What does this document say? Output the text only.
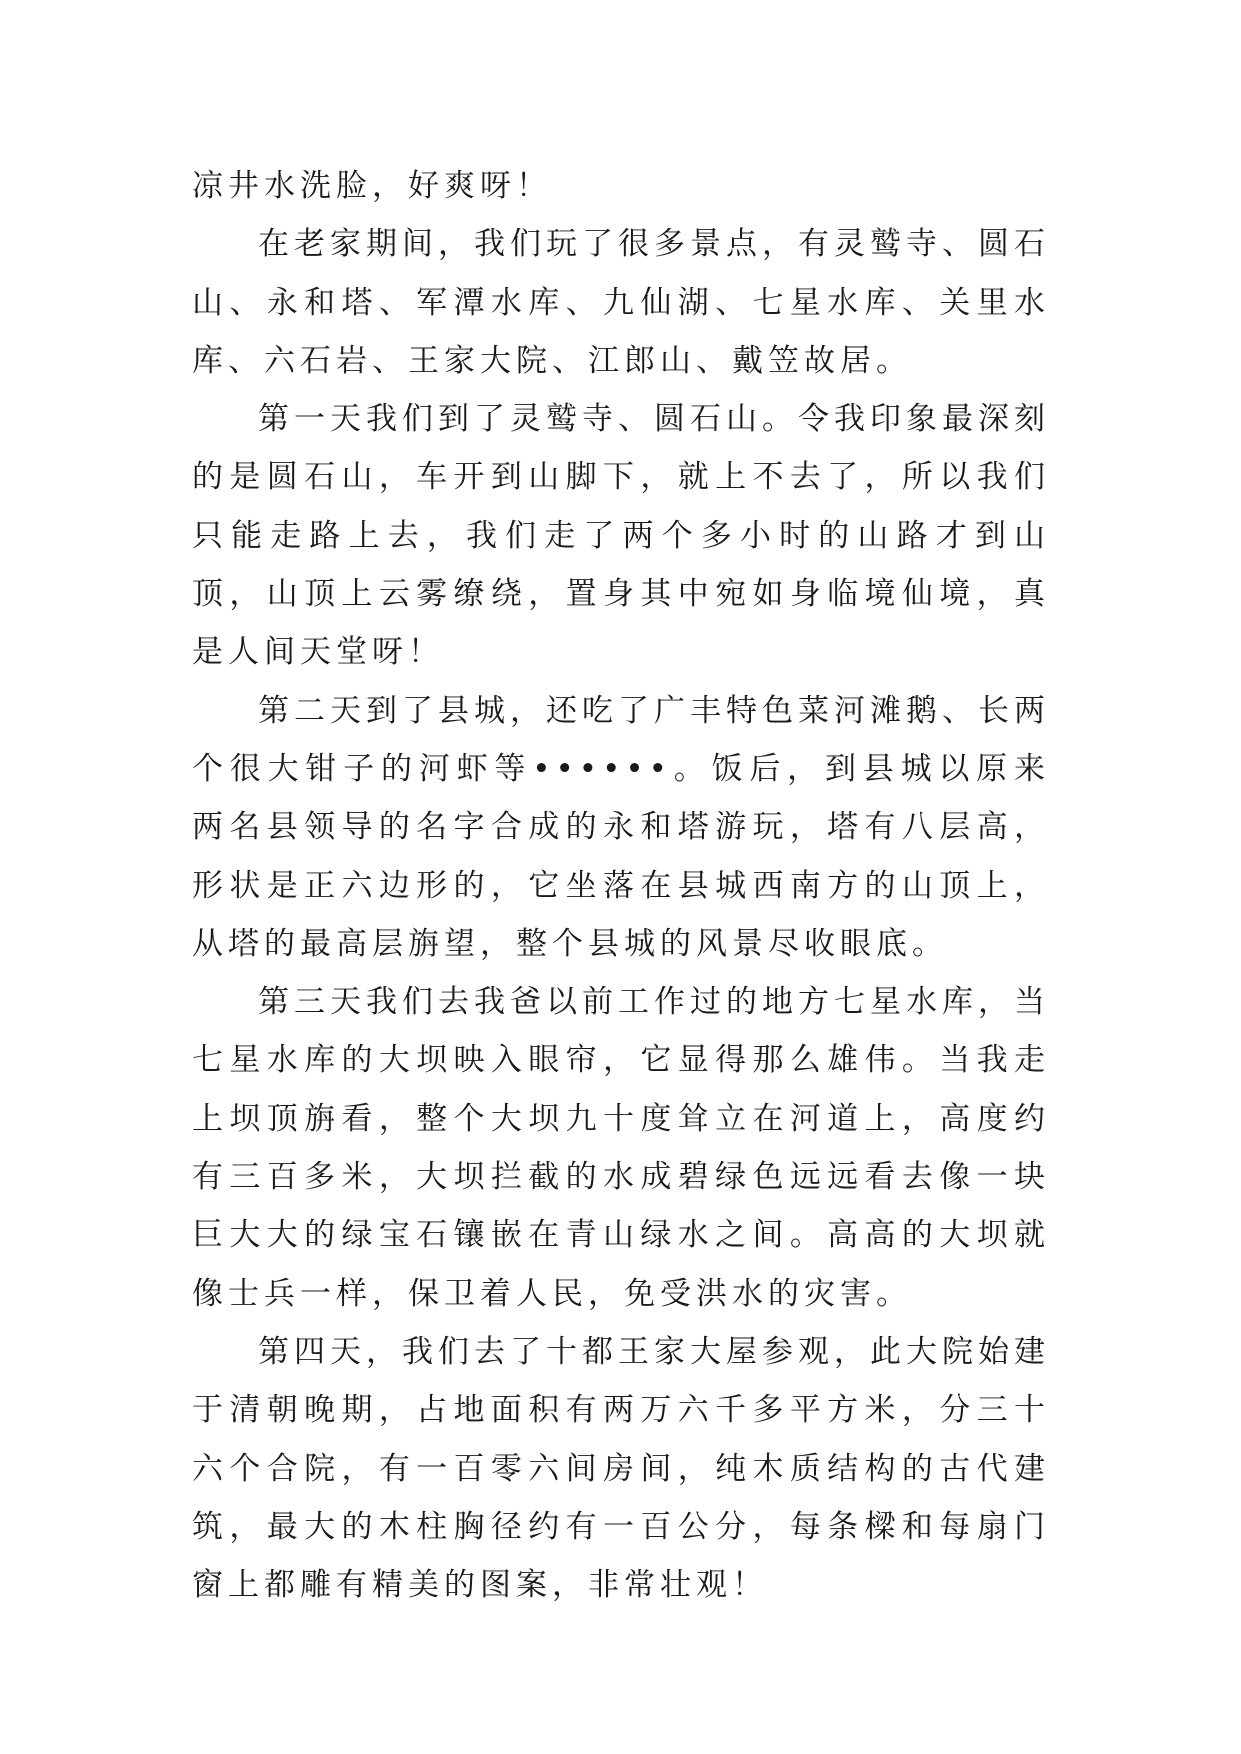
凉井水洗脸，好爽呀！

在老家期间，我们玩了很多景点，有灵鹫寺、圆石山、永和塔、军潭水库、九仙湖、七星水库、关里水库、六石岩、王家大院、江郎山、戴笠故居。

第一天我们到了灵鹫寺、圆石山。令我印象最深刻的是圆石山，车开到山脚下，就上不去了，所以我们只能走路上去，我们走了两个多小时的山路才到山顶，山顶上云雾缭绕，置身其中宛如身临境仙境，真是人间天堂呀！

第二天到了县城，还吃了广丰特色菜河滩鹅、长两个很大钳子的河虾等••••••。饭后，到县城以原来两名县领导的名字合成的永和塔游玩，塔有八层高，形状是正六边形的，它坐落在县城西南方的山顶上，从塔的最高层旃望，整个县城的风景尽收眼底。

第三天我们去我爸以前工作过的地方七星水库，当七星水库的大坝映入眼帘，它显得那么雄伟。当我走上坝顶旃看，整个大坝九十度耸立在河道上，高度约有三百多米，大坝拦截的水成碧绿色远远看去像一块巨大大的绿宝石镶嵌在青山绿水之间。高高的大坝就像士兵一样，保卫着人民，免受洪水的灾害。

第四天，我们去了十都王家大屋参观，此大院始建于清朝晚期，占地面积有两万六千多平方米，分三十六个合院，有一百零六间房间，纯木质结构的古代建筑，最大的木柱胸径约有一百公分，每条樑和每扇门窗上都雕有精美的图案，非常壮观！
